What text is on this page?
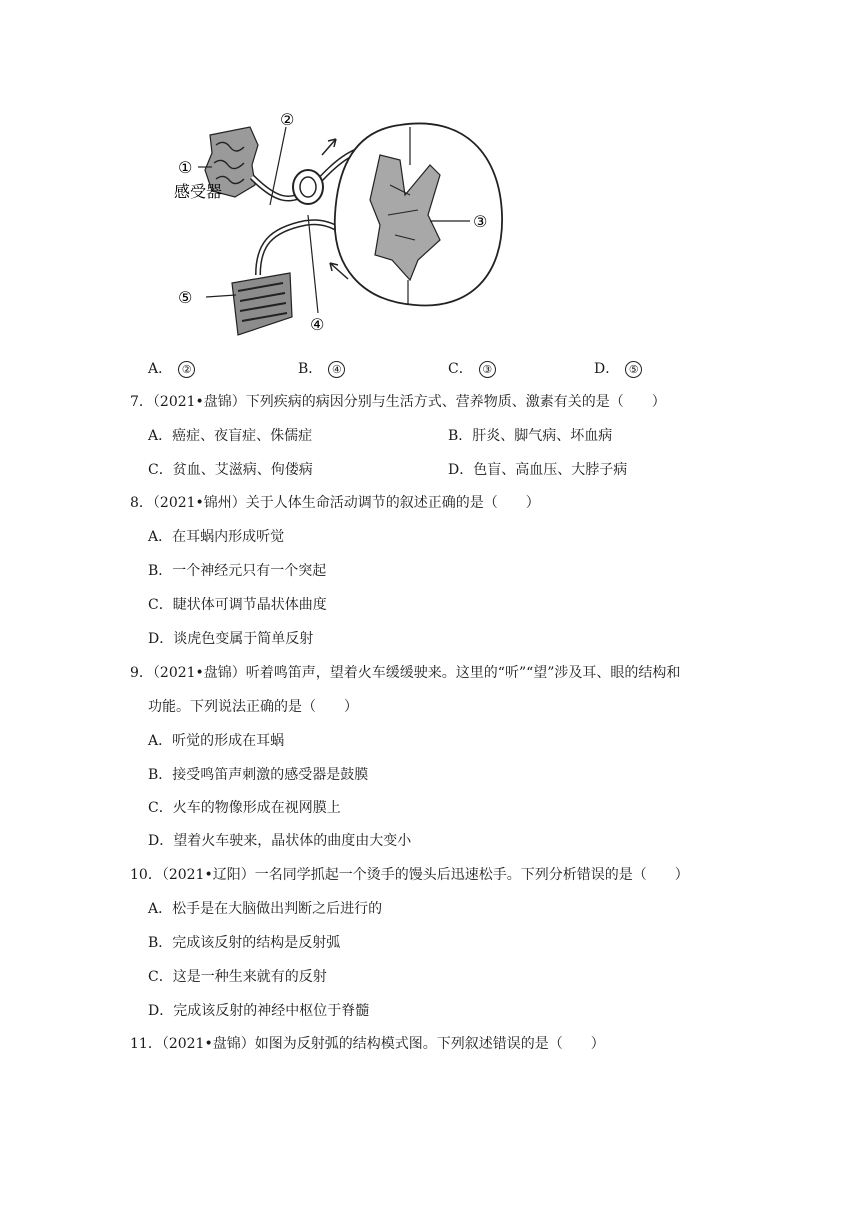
①
②
③
④
⑤
感受器
A． ②	B． ④	C． ③	D． ⑤
7．（2021•盘锦）下列疾病的病因分别与生活方式、营养物质、激素有关的是（　　）
A．癌症、夜盲症、侏儒症	B．肝炎、脚气病、坏血病
C．贫血、艾滋病、佝偻病	D．色盲、高血压、大脖子病
8．（2021•锦州）关于人体生命活动调节的叙述正确的是（　　）
A．在耳蜗内形成听觉
B．一个神经元只有一个突起
C．睫状体可调节晶状体曲度
D．谈虎色变属于简单反射
9．（2021•盘锦）听着鸣笛声，望着火车缓缓驶来。这里的“听”“望”涉及耳、眼的结构和
功能。下列说法正确的是（　　）
A．听觉的形成在耳蜗
B．接受鸣笛声刺激的感受器是鼓膜
C．火车的物像形成在视网膜上
D．望着火车驶来，晶状体的曲度由大变小
10．（2021•辽阳）一名同学抓起一个烫手的馒头后迅速松手。下列分析错误的是（　　）
A．松手是在大脑做出判断之后进行的
B．完成该反射的结构是反射弧
C．这是一种生来就有的反射
D．完成该反射的神经中枢位于脊髓
11．（2021•盘锦）如图为反射弧的结构模式图。下列叙述错误的是（　　）
